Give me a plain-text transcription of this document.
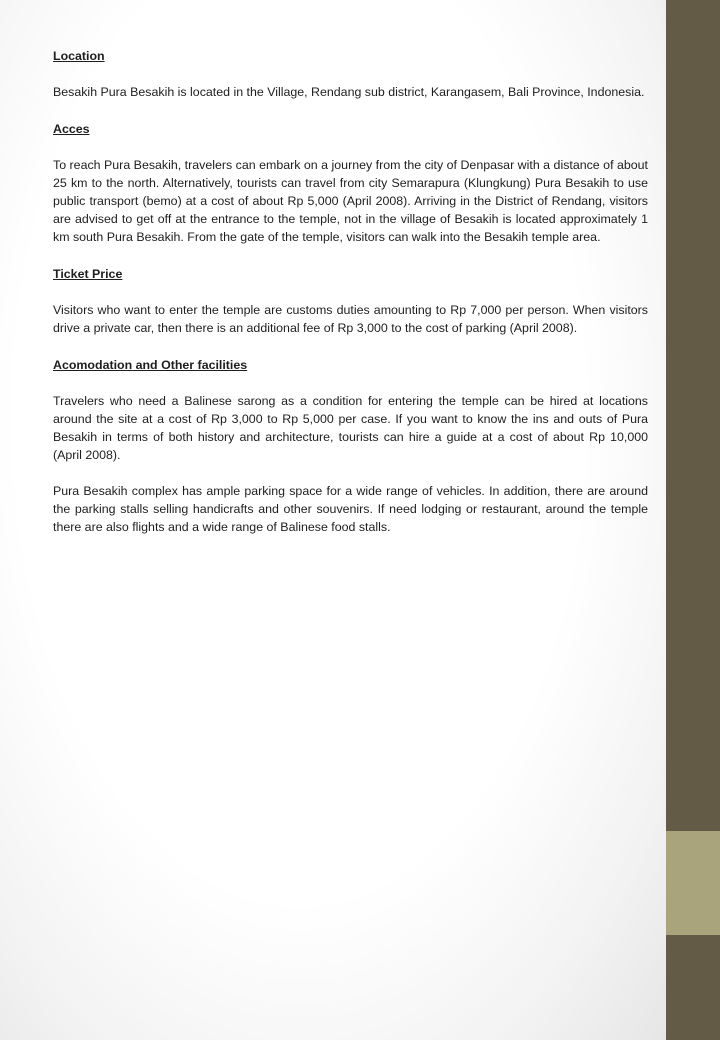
Location

Besakih Pura Besakih is located in the Village, Rendang sub district, Karangasem, Bali Province, Indonesia.

Acces

To reach Pura Besakih, travelers can embark on a journey from the city of Denpasar with a distance of about 25 km to the north. Alternatively, tourists can travel from city Semarapura (Klungkung) Pura Besakih to use public transport (bemo) at a cost of about Rp 5,000 (April 2008). Arriving in the District of Rendang, visitors are advised to get off at the entrance to the temple, not in the village of Besakih is located approximately 1 km south Pura Besakih. From the gate of the temple, visitors can walk into the Besakih temple area.

Ticket Price

Visitors who want to enter the temple are customs duties amounting to Rp 7,000 per person. When visitors drive a private car, then there is an additional fee of Rp 3,000 to the cost of parking (April 2008).

Acomodation and Other facilities

Travelers who need a Balinese sarong as a condition for entering the temple can be hired at locations around the site at a cost of Rp 3,000 to Rp 5,000 per case. If you want to know the ins and outs of Pura Besakih in terms of both history and architecture, tourists can hire a guide at a cost of about Rp 10,000 (April 2008).

Pura Besakih complex has ample parking space for a wide range of vehicles. In addition, there are around the parking stalls selling handicrafts and other souvenirs. If need lodging or restaurant, around the temple there are also flights and a wide range of Balinese food stalls.
